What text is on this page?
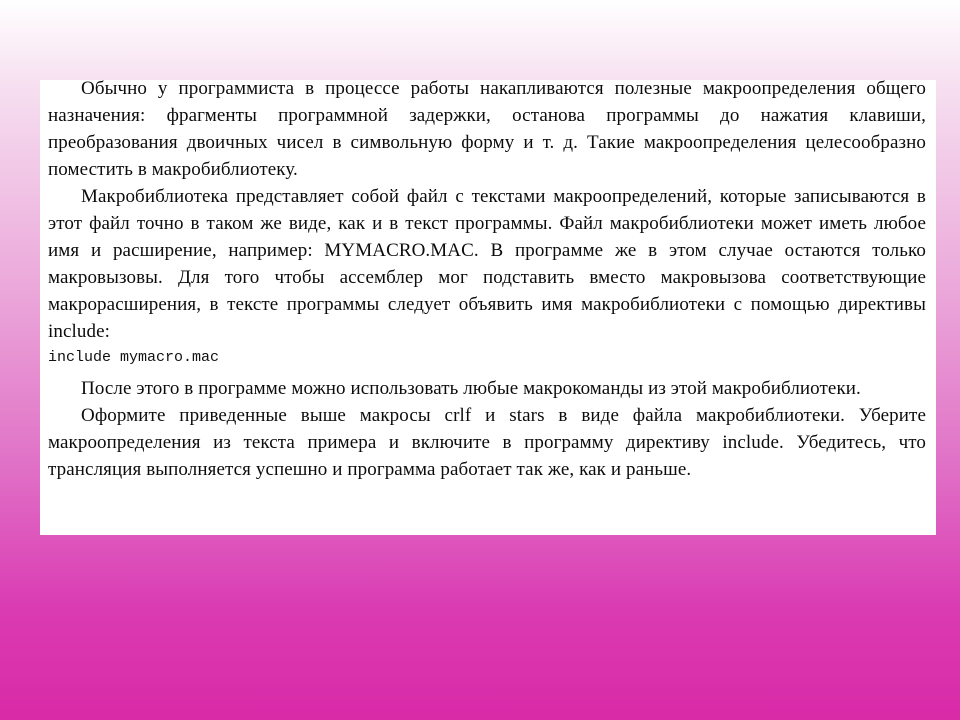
Обычно у программиста в процессе работы накапливаются полезные макроопределения общего назначения: фрагменты программной задержки, останова программы до нажатия клавиши, преобразования двоичных чисел в символьную форму и т. д. Такие макроопределения целесообразно поместить в макробиблиотеку.

Макробиблиотека представляет собой файл с текстами макроопределений, которые записываются в этот файл точно в таком же виде, как и в текст программы. Файл макробиблиотеки может иметь любое имя и расширение, например: MYMACRO.MAC. В программе же в этом случае остаются только макровызовы. Для того чтобы ассемблер мог подставить вместо макровызова соответствующие макрорасширения, в тексте программы следует объявить имя макробиблиотеки с помощью директивы include:

include mymacro.mac

После этого в программе можно использовать любые макрокоманды из этой макробиблиотеки.

Оформите приведенные выше макросы crlf и stars в виде файла макробиблиотеки. Уберите макроопределения из текста примера и включите в программу директиву include. Убедитесь, что трансляция выполняется успешно и программа работает так же, как и раньше.
